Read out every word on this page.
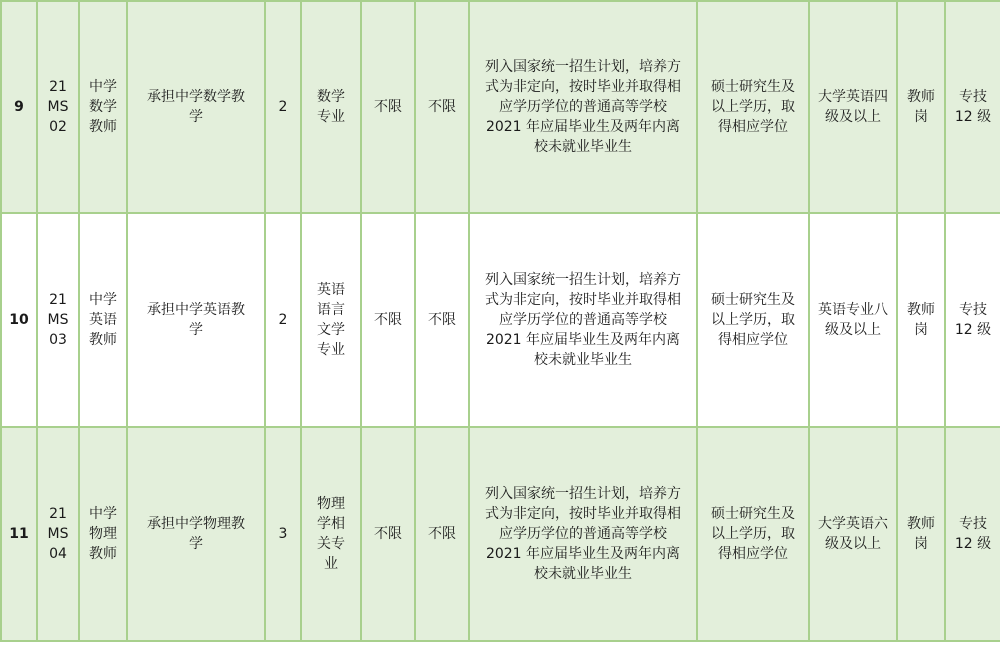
9	21
MS
02	中学
数学
教师	承担中学数学教
学	2	数学
专业	不限	不限	列入国家统一招生计划，培养方
式为非定向，按时毕业并取得相
应学历学位的普通高等学校
2021 年应届毕业生及两年内离
校未就业毕业生	硕士研究生及
以上学历，取
得相应学位	大学英语四
级及以上	教师
岗	专技
12 级

10	21
MS
03	中学
英语
教师	承担中学英语教
学	2	英语
语言
文学
专业	不限	不限	列入国家统一招生计划，培养方
式为非定向，按时毕业并取得相
应学历学位的普通高等学校
2021 年应届毕业生及两年内离
校未就业毕业生	硕士研究生及
以上学历，取
得相应学位	英语专业八
级及以上	教师
岗	专技
12 级

11	21
MS
04	中学
物理
教师	承担中学物理教
学	3	物理
学相
关专
业	不限	不限	列入国家统一招生计划，培养方
式为非定向，按时毕业并取得相
应学历学位的普通高等学校
2021 年应届毕业生及两年内离
校未就业毕业生	硕士研究生及
以上学历，取
得相应学位	大学英语六
级及以上	教师
岗	专技
12 级
